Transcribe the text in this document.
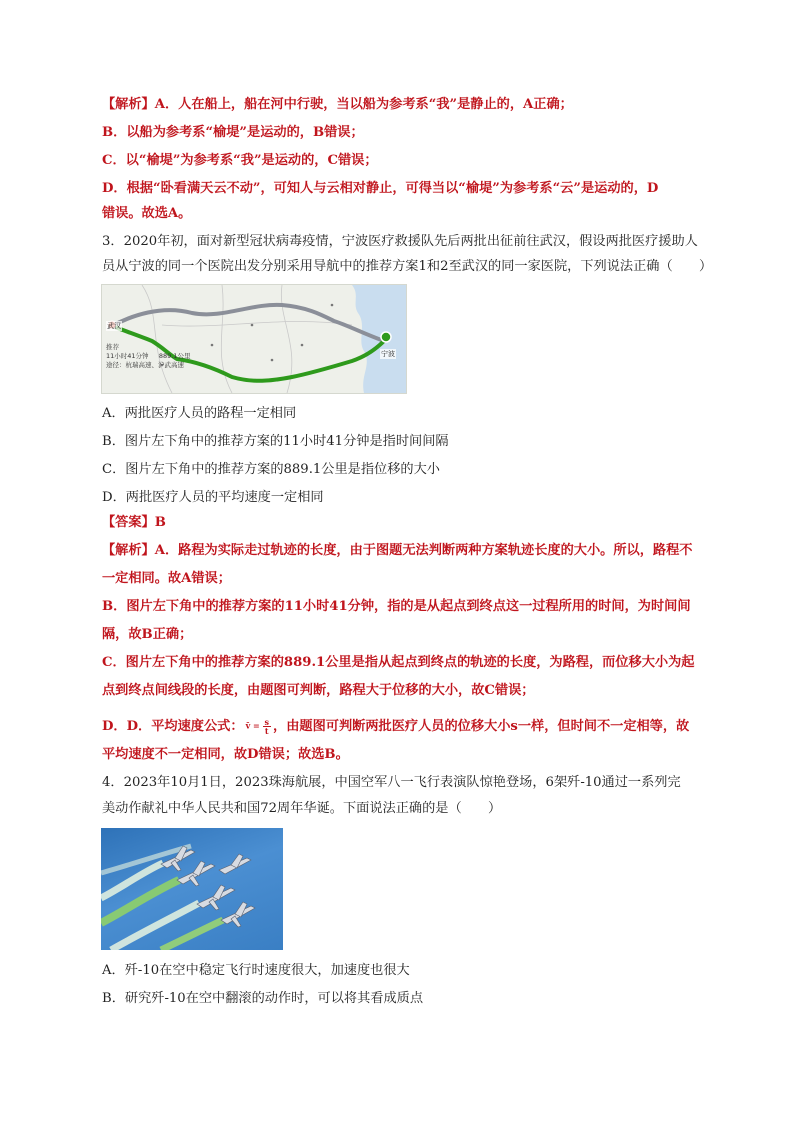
【解析】A．人在船上，船在河中行驶，当以船为参考系“我”是静止的，A正确；
B．以船为参考系“榆堤”是运动的，B错误；
C．以“榆堤”为参考系“我”是运动的，C错误；
D．根据“卧看满天云不动”，可知人与云相对静止，可得当以“榆堤”为参考系“云”是运动的，D
错误。故选A。
3．2020年初，面对新型冠状病毒疫情，宁波医疗救援队先后两批出征前往武汉，假设两批医疗援助人
员从宁波的同一个医院出发分别采用导航中的推荐方案1和2至武汉的同一家医院，下列说法正确（　　）
武汉
宁波
推荐
11小时41分钟 889.1公里
途径：杭瑞高速、沪武高速
A．两批医疗人员的路程一定相同
B．图片左下角中的推荐方案的11小时41分钟是指时间间隔
C．图片左下角中的推荐方案的889.1公里是指位移的大小
D．两批医疗人员的平均速度一定相同
【答案】B
【解析】A．路程为实际走过轨迹的长度，由于图题无法判断两种方案轨迹长度的大小。所以，路程不
一定相同。故A错误；
B．图片左下角中的推荐方案的11小时41分钟，指的是从起点到终点这一过程所用的时间，为时间间
隔，故B正确；
C．图片左下角中的推荐方案的889.1公里是指从起点到终点的轨迹的长度，为路程，而位移大小为起
点到终点间线段的长度，由题图可判断，路程大于位移的大小，故C错误；
D．D．平均速度公式： v̄ = $\frac{s}{t}$ ，由题图可判断两批医疗人员的位移大小s一样，但时间不一定相等，故
平均速度不一定相同，故D错误；故选B。
4．2023年10月1日，2023珠海航展，中国空军八一飞行表演队惊艳登场，6架歼-10通过一系列完
美动作献礼中华人民共和国72周年华诞。下面说法正确的是（　　）
A．歼-10在空中稳定飞行时速度很大，加速度也很大
B．研究歼-10在空中翻滚的动作时，可以将其看成质点
